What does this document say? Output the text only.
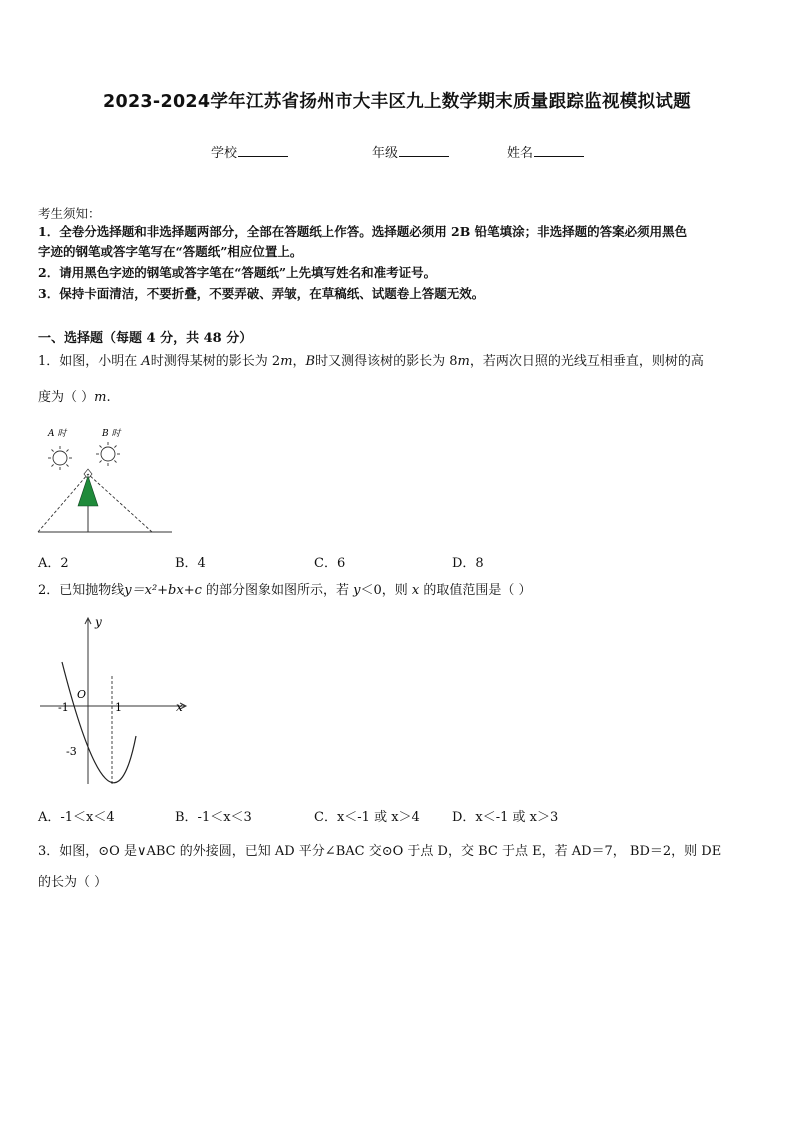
2023-2024学年江苏省扬州市大丰区九上数学期末质量跟踪监视模拟试题
学校	年级	姓名
考生须知：
1．全卷分选择题和非选择题两部分，全部在答题纸上作答。选择题必须用 2B 铅笔填涂；非选择题的答案必须用黑色
字迹的钢笔或答字笔写在“答题纸”相应位置上。
2．请用黑色字迹的钢笔或答字笔在“答题纸”上先填写姓名和准考证号。
3．保持卡面清洁，不要折叠，不要弄破、弄皱，在草稿纸、试题卷上答题无效。
一、选择题（每题 4 分，共 48 分）
1．如图，小明在 A时测得某树的影长为 2m，B时又测得该树的影长为 8m，若两次日照的光线互相垂直，则树的高
度为（ ）m.
A 时	B 时
A．2	B．4	C．6	D．8
2．已知抛物线y＝x²+bx+c 的部分图象如图所示，若 y＜0，则 x 的取值范围是（ ）
y
x
O
-1	1
-3
A．-1＜x＜4	B．-1＜x＜3	C．x＜-1 或 x＞4 D．x＜-1 或 x＞3
3．如图，⊙O 是∨ABC 的外接圆，已知 AD 平分∠BAC 交⊙O 于点 D，交 BC 于点 E，若 AD＝7， BD＝2，则 DE
的长为（ ）
